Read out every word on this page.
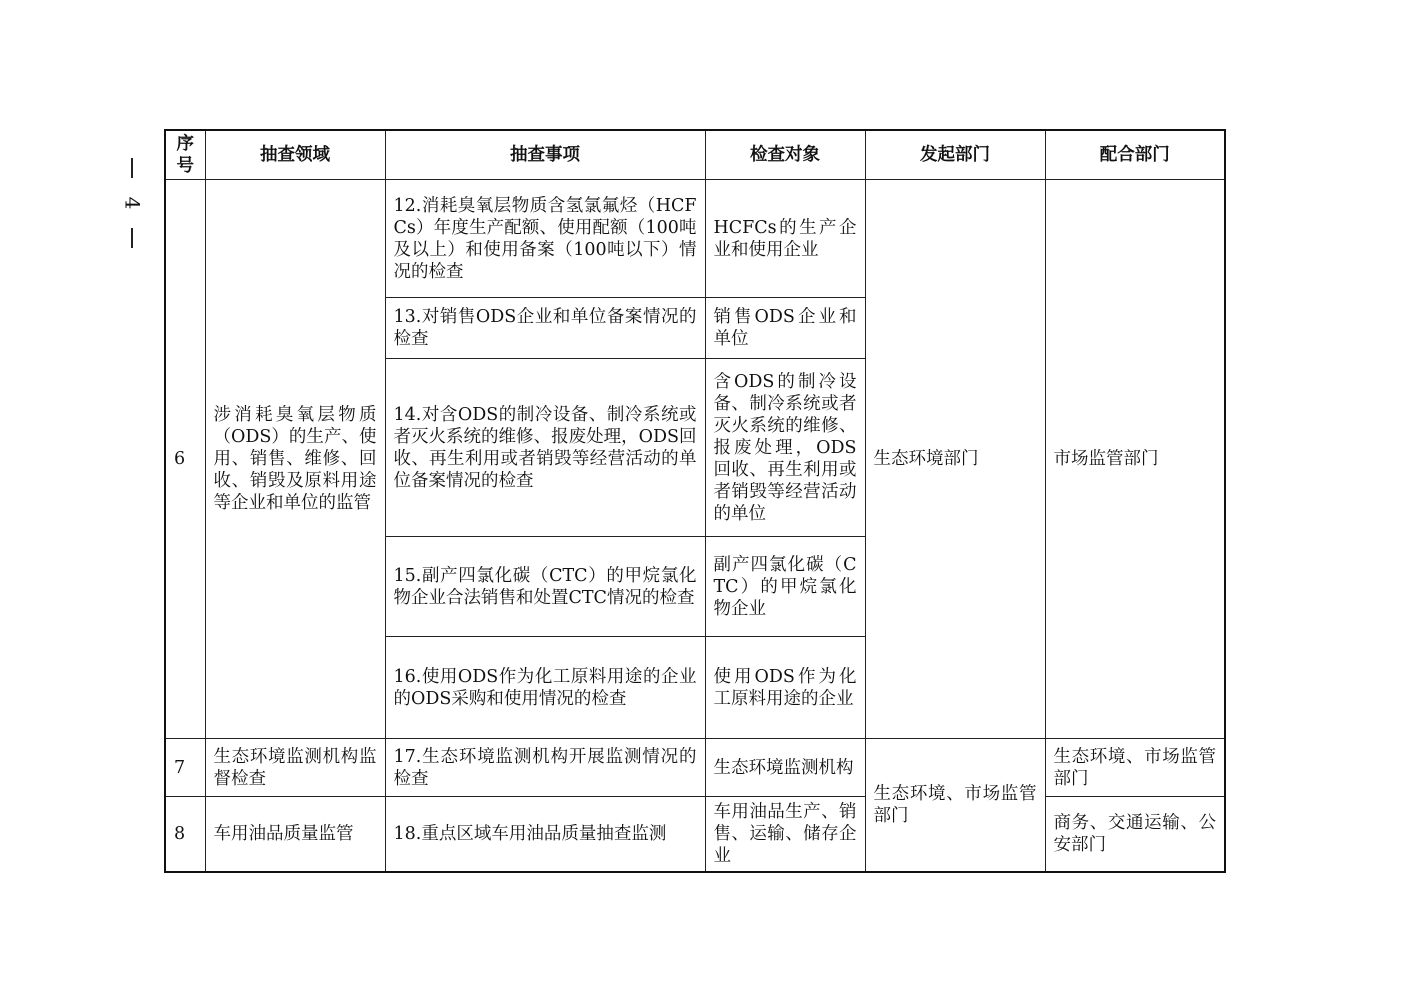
4
序号	抽查领域	抽查事项	检查对象	发起部门	配合部门
6	涉消耗臭氧层物质（ODS）的生产、使用、销售、维修、回收、销毁及原料用途等企业和单位的监管	12.消耗臭氧层物质含氢氯氟烃（HCFCs）年度生产配额、使用配额（100吨及以上）和使用备案（100吨以下）情况的检查	HCFCs的生产企业和使用企业	生态环境部门	市场监管部门
		13.对销售ODS企业和单位备案情况的检查	销售ODS企业和单位		
		14.对含ODS的制冷设备、制冷系统或者灭火系统的维修、报废处理，ODS回收、再生利用或者销毁等经营活动的单位备案情况的检查	含ODS的制冷设备、制冷系统或者灭火系统的维修、报废处理，ODS回收、再生利用或者销毁等经营活动的单位		
		15.副产四氯化碳（CTC）的甲烷氯化物企业合法销售和处置CTC情况的检查	副产四氯化碳（CTC）的甲烷氯化物企业		
		16.使用ODS作为化工原料用途的企业的ODS采购和使用情况的检查	使用ODS作为化工原料用途的企业		
7	生态环境监测机构监督检查	17.生态环境监测机构开展监测情况的检查	生态环境监测机构	生态环境、市场监管部门	生态环境、市场监管部门
8	车用油品质量监管	18.重点区域车用油品质量抽查监测	车用油品生产、销售、运输、储存企业		商务、交通运输、公安部门
